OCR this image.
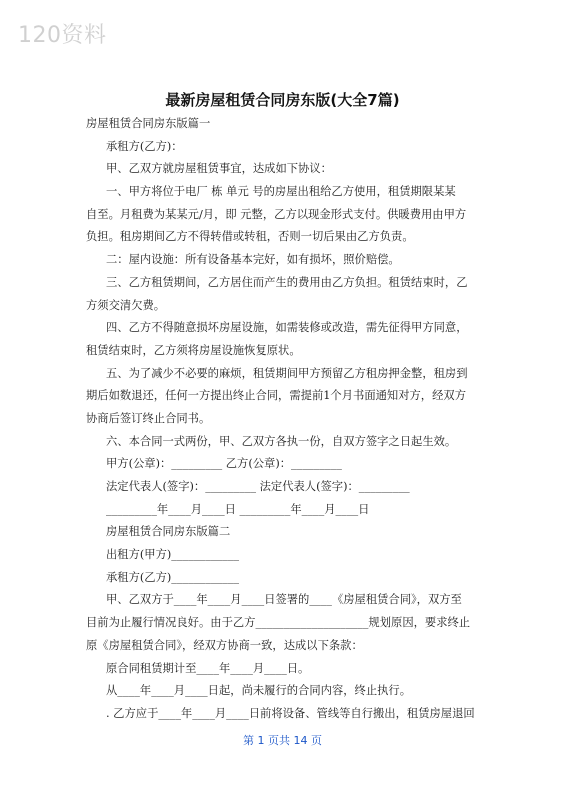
120资料
最新房屋租赁合同房东版(大全7篇)
房屋租赁合同房东版篇一
承租方(乙方)：
甲、乙双方就房屋租赁事宜，达成如下协议：
一、甲方将位于电厂 栋 单元 号的房屋出租给乙方使用，租赁期限某某
自至。月租费为某某元/月，即 元整，乙方以现金形式支付。供暖费用由甲方
负担。租房期间乙方不得转借或转租，否则一切后果由乙方负责。
二：屋内设施：所有设备基本完好，如有损坏，照价赔偿。
三、乙方租赁期间，乙方居住而产生的费用由乙方负担。租赁结束时，乙
方须交清欠费。
四、乙方不得随意损坏房屋设施，如需装修或改造，需先征得甲方同意，
租赁结束时，乙方须将房屋设施恢复原状。
五、为了减少不必要的麻烦，租赁期间甲方预留乙方租房押金整，租房到
期后如数退还，任何一方提出终止合同，需提前1个月书面通知对方，经双方
协商后签订终止合同书。
六、本合同一式两份，甲、乙双方各执一份，自双方签字之日起生效。
甲方(公章)：_________ 乙方(公章)：_________
法定代表人(签字)：_________ 法定代表人(签字)：_________
_________年____月____日 _________年____月____日
房屋租赁合同房东版篇二
出租方(甲方)____________
承租方(乙方)____________
甲、乙双方于____年____月____日签署的____《房屋租赁合同》，双方至
目前为止履行情况良好。由于乙方____________________规划原因，要求终止
原《房屋租赁合同》，经双方协商一致，达成以下条款：
原合同租赁期计至____年____月____日。
从____年____月____日起，尚未履行的合同内容，终止执行。
. 乙方应于____年____月____日前将设备、管线等自行搬出，租赁房屋退回
第 1 页共 14 页
